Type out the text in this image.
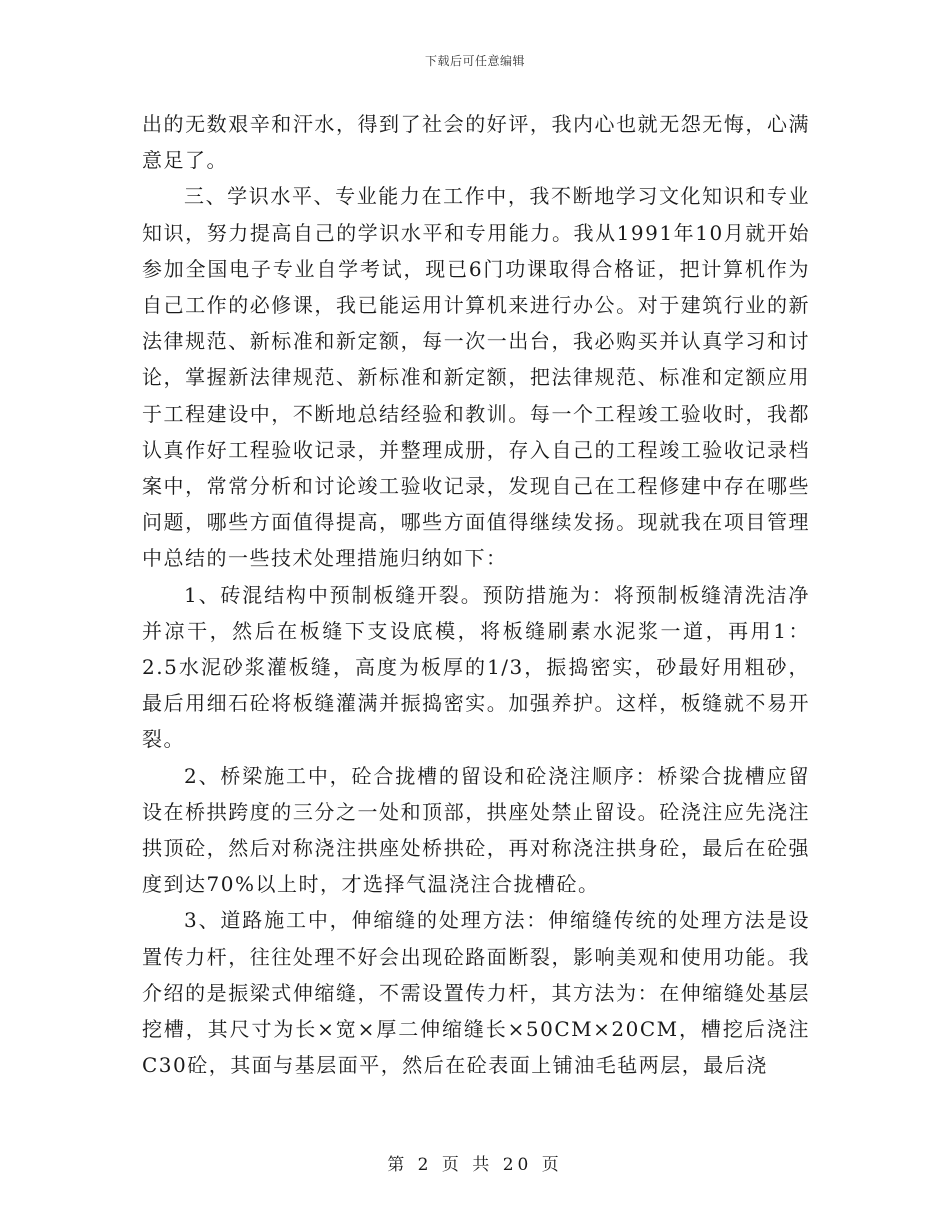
下载后可任意编辑

出的无数艰辛和汗水，得到了社会的好评，我内心也就无怨无悔，心满意足了。

三、学识水平、专业能力在工作中，我不断地学习文化知识和专业知识，努力提高自己的学识水平和专用能力。我从1991年10月就开始参加全国电子专业自学考试，现已6门功课取得合格证，把计算机作为自己工作的必修课，我已能运用计算机来进行办公。对于建筑行业的新法律规范、新标准和新定额，每一次一出台，我必购买并认真学习和讨论，掌握新法律规范、新标准和新定额，把法律规范、标准和定额应用于工程建设中，不断地总结经验和教训。每一个工程竣工验收时，我都认真作好工程验收记录，并整理成册，存入自己的工程竣工验收记录档案中，常常分析和讨论竣工验收记录，发现自己在工程修建中存在哪些问题，哪些方面值得提高，哪些方面值得继续发扬。现就我在项目管理中总结的一些技术处理措施归纳如下：

1、砖混结构中预制板缝开裂。预防措施为：将预制板缝清洗洁净并凉干，然后在板缝下支设底模，将板缝刷素水泥浆一道，再用1：2.5水泥砂浆灌板缝，高度为板厚的1/3，振捣密实，砂最好用粗砂，最后用细石砼将板缝灌满并振捣密实。加强养护。这样，板缝就不易开裂。

2、桥梁施工中，砼合拢槽的留设和砼浇注顺序：桥梁合拢槽应留设在桥拱跨度的三分之一处和顶部，拱座处禁止留设。砼浇注应先浇注拱顶砼，然后对称浇注拱座处桥拱砼，再对称浇注拱身砼，最后在砼强度到达70%以上时，才选择气温浇注合拢槽砼。

3、道路施工中，伸缩缝的处理方法：伸缩缝传统的处理方法是设置传力杆，往往处理不好会出现砼路面断裂，影响美观和使用功能。我介绍的是振梁式伸缩缝，不需设置传力杆，其方法为：在伸缩缝处基层挖槽，其尺寸为长×宽×厚二伸缩缝长×50CM×20CM，槽挖后浇注C30砼，其面与基层面平，然后在砼表面上铺油毛毡两层，最后浇

第 2 页 共 20 页
